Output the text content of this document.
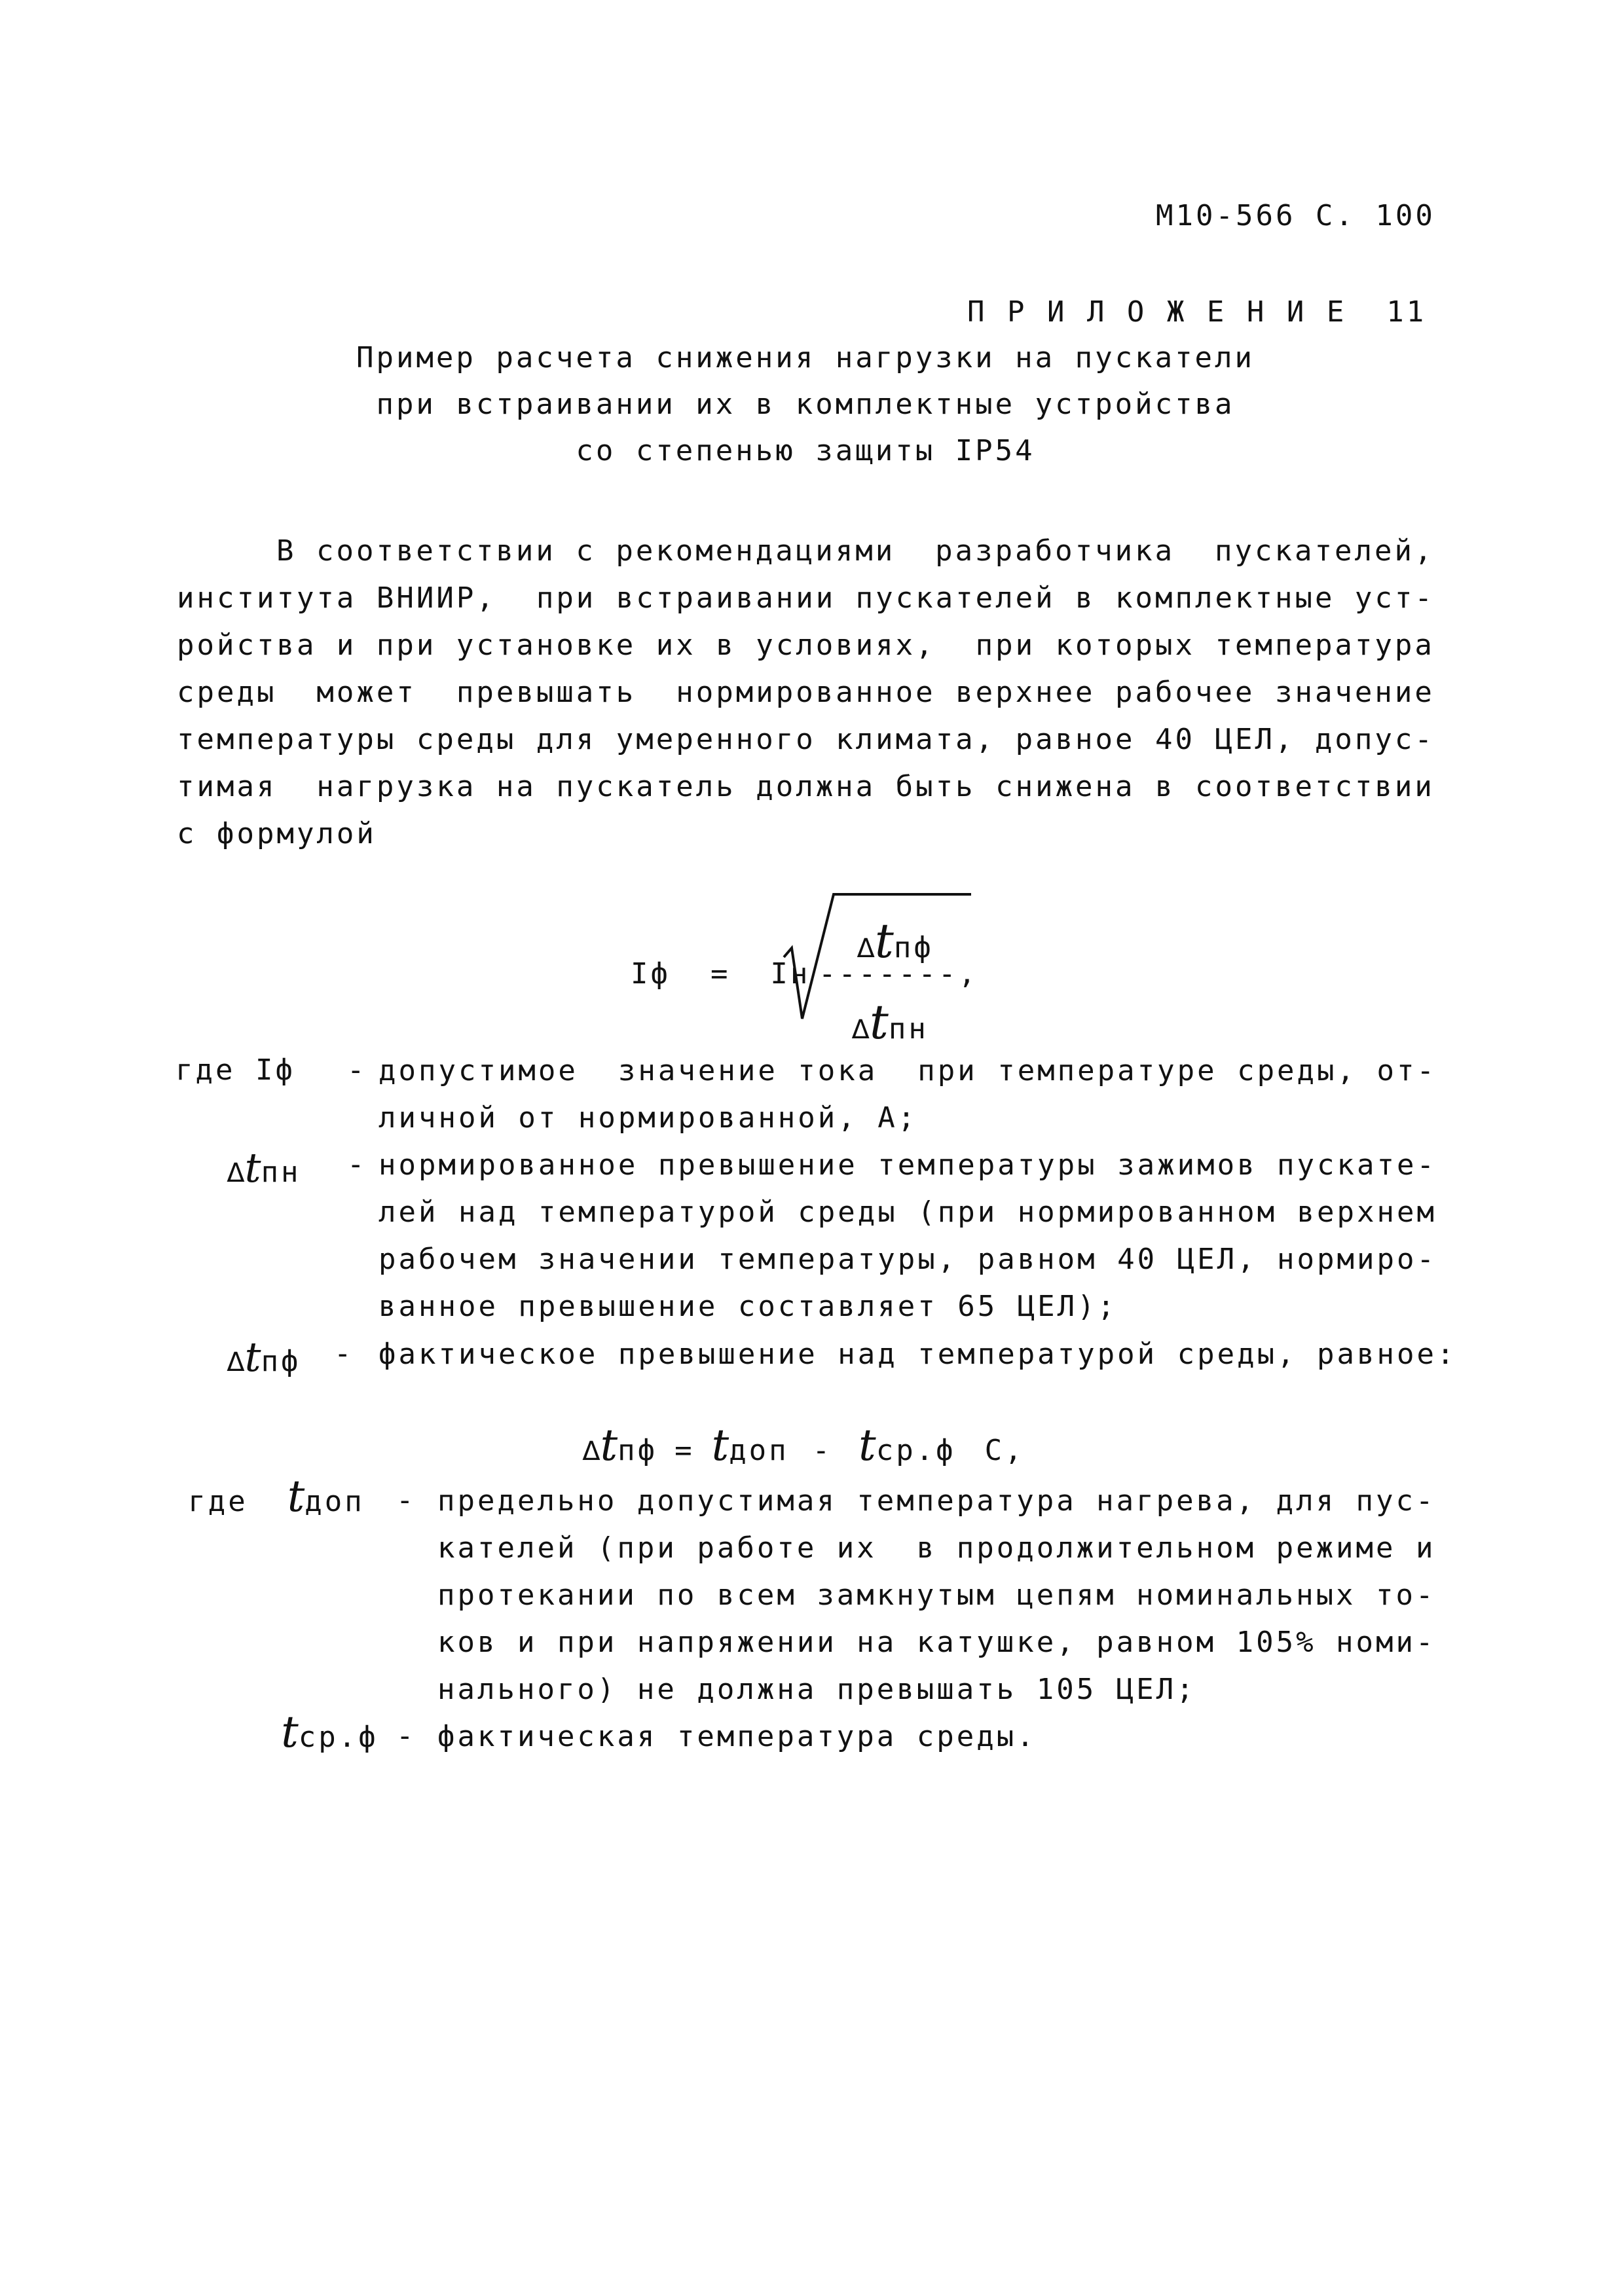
М10-566 С. 100
П Р И Л О Ж Е Н И Е  11
Пример расчета снижения нагрузки на пускатели
при встраивании их в комплектные устройства
со степенью защиты IP54
В соответствии с рекомендациями  разработчика  пускателей,
института ВНИИР,  при встраивании пускателей в комплектные уст-
ройства и при установке их в условиях,  при которых температура
среды  может  превышать  нормированное верхнее рабочее значение
температуры среды для умеренного климата, равное 40 ЦЕЛ, допус-
тимая  нагрузка на пускатель должна быть снижена в соответствии
с формулой
Iф  =  Iн

Δtпф

-------,

Δtпн

где Iф - допустимое  значение тока  при температуре среды, от-
личной от нормированной, А;

Δtпн - нормированное превышение температуры зажимов пускате-
лей над температурой среды (при нормированном верхнем
рабочем значении температуры, равном 40 ЦЕЛ, нормиро-
ванное превышение составляет 65 ЦЕЛ);

Δtпф - фактическое превышение над температурой среды, равное:

Δtпф = tдоп - tср.ф С,

где tдоп - предельно допустимая температура нагрева, для пус-
кателей (при работе их  в продолжительном режиме и
протекании по всем замкнутым цепям номинальных то-
ков и при напряжении на катушке, равном 105% номи-
нального) не должна превышать 105 ЦЕЛ;

tср.ф - фактическая температура среды.
